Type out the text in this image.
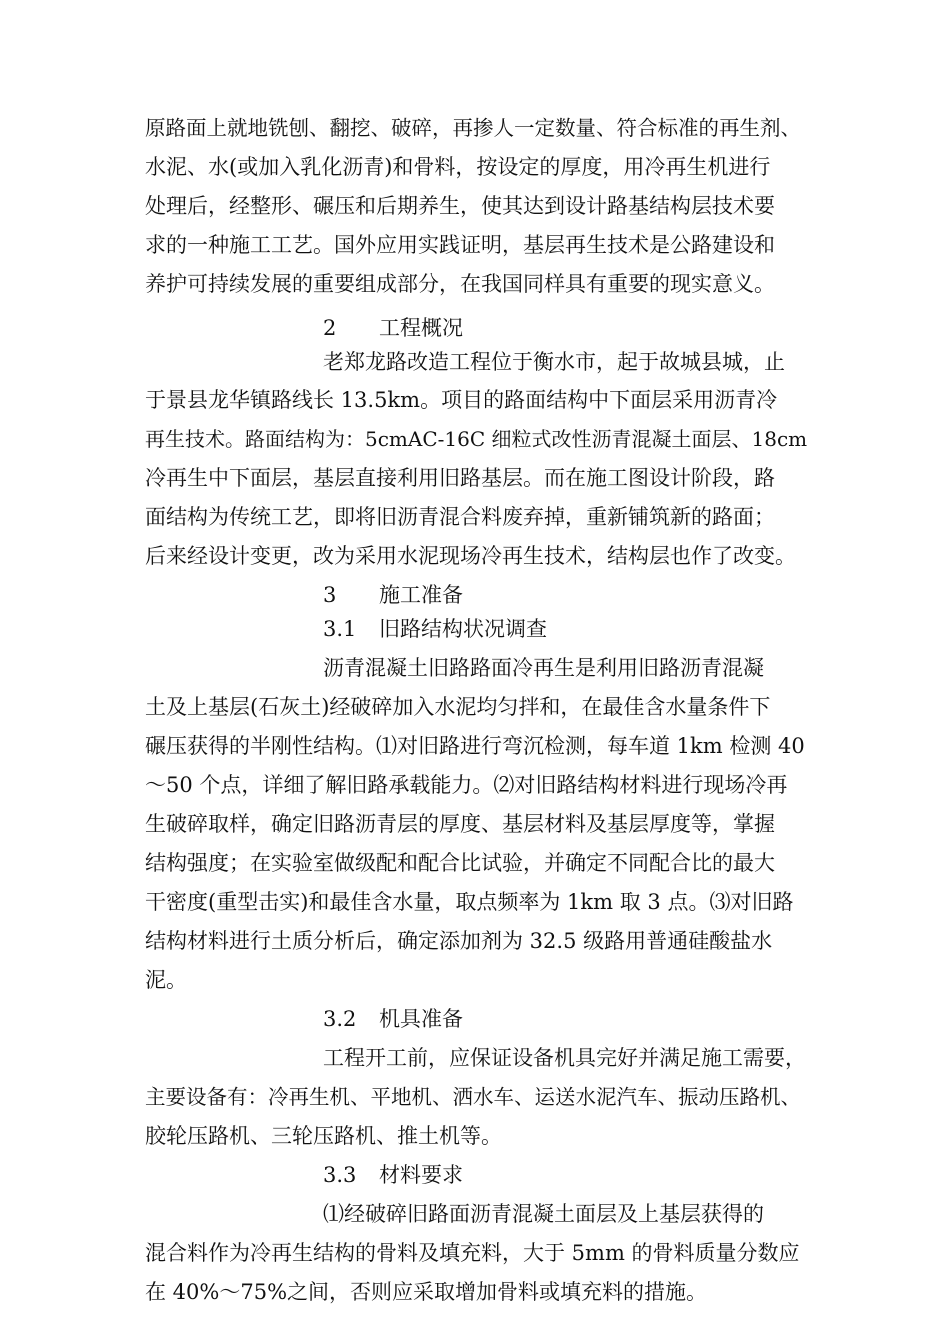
原路面上就地铣刨、翻挖、破碎，再掺人一定数量、符合标准的再生剂、
水泥、水(或加入乳化沥青)和骨料，按设定的厚度，用冷再生机进行
处理后，经整形、碾压和后期养生，使其达到设计路基结构层技术要
求的一种施工工艺。国外应用实践证明，基层再生技术是公路建设和
养护可持续发展的重要组成部分，在我国同样具有重要的现实意义。
2 工程概况
老郑龙路改造工程位于衡水市，起于故城县城，止
于景县龙华镇路线长 13.5km。项目的路面结构中下面层采用沥青冷
再生技术。路面结构为：5cmAC-16C 细粒式改性沥青混凝土面层、18cm
冷再生中下面层，基层直接利用旧路基层。而在施工图设计阶段，路
面结构为传统工艺，即将旧沥青混合料废弃掉，重新铺筑新的路面；
后来经设计变更，改为采用水泥现场冷再生技术，结构层也作了改变。
3 施工准备
3.1 旧路结构状况调查
沥青混凝土旧路路面冷再生是利用旧路沥青混凝
土及上基层(石灰土)经破碎加入水泥均匀拌和，在最佳含水量条件下
碾压获得的半刚性结构。⑴对旧路进行弯沉检测，每车道 1km 检测 40
～50 个点，详细了解旧路承载能力。⑵对旧路结构材料进行现场冷再
生破碎取样，确定旧路沥青层的厚度、基层材料及基层厚度等，掌握
结构强度；在实验室做级配和配合比试验，并确定不同配合比的最大
干密度(重型击实)和最佳含水量，取点频率为 1km 取 3 点。⑶对旧路
结构材料进行土质分析后，确定添加剂为 32.5 级路用普通硅酸盐水
泥。
3.2 机具准备
工程开工前，应保证设备机具完好并满足施工需要，
主要设备有：冷再生机、平地机、洒水车、运送水泥汽车、振动压路机、
胶轮压路机、三轮压路机、推土机等。
3.3 材料要求
⑴经破碎旧路面沥青混凝土面层及上基层获得的
混合料作为冷再生结构的骨料及填充料，大于 5mm 的骨料质量分数应
在 40%～75%之间，否则应采取增加骨料或填充料的措施。
